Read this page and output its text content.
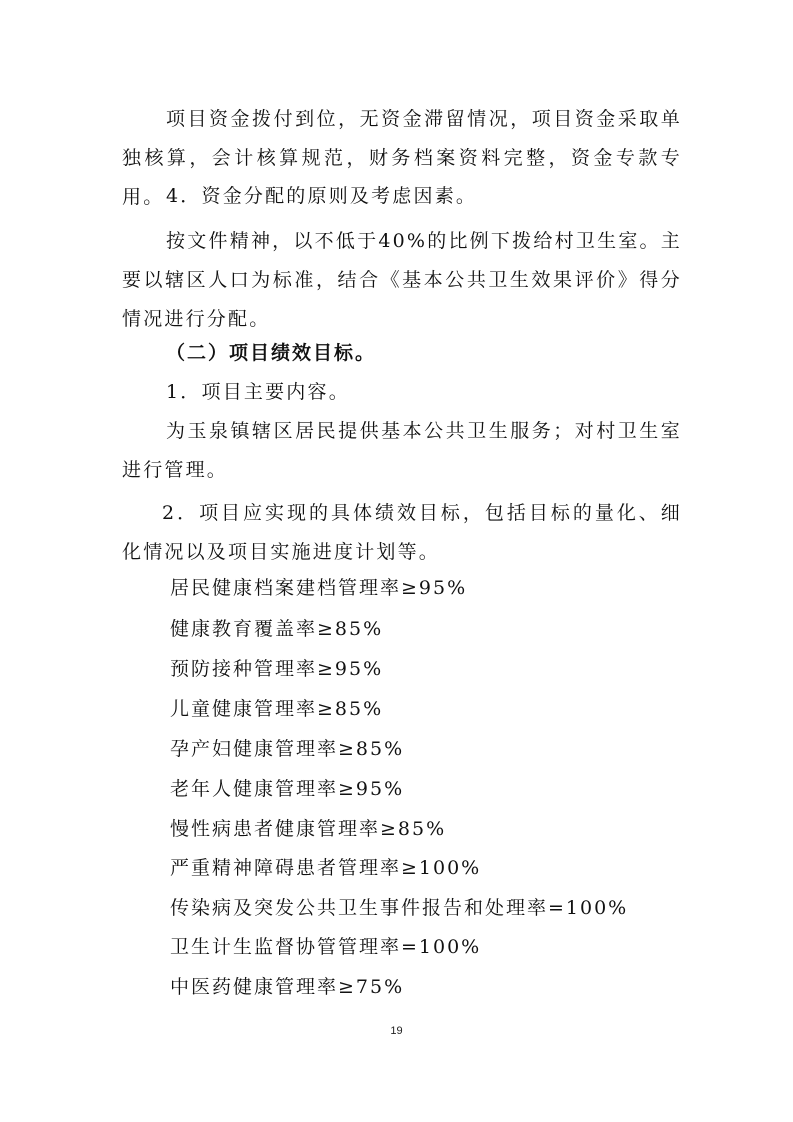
项目资金拨付到位，无资金滞留情况，项目资金采取单独核算，会计核算规范，财务档案资料完整，资金专款专用。 4．资金分配的原则及考虑因素。
按文件精神，以不低于40%的比例下拨给村卫生室。主要以辖区人口为标准，结合《基本公共卫生效果评价》得分情况进行分配。
（二）项目绩效目标。
1．项目主要内容。
为玉泉镇辖区居民提供基本公共卫生服务；对村卫生室进行管理。
2．项目应实现的具体绩效目标，包括目标的量化、细化情况以及项目实施进度计划等。
居民健康档案建档管理率≥95%
健康教育覆盖率≥85%
预防接种管理率≥95%
儿童健康管理率≥85%
孕产妇健康管理率≥85%
老年人健康管理率≥95%
慢性病患者健康管理率≥85%
严重精神障碍患者管理率≥100%
传染病及突发公共卫生事件报告和处理率=100%
卫生计生监督协管管理率=100%
中医药健康管理率≥75%
19
